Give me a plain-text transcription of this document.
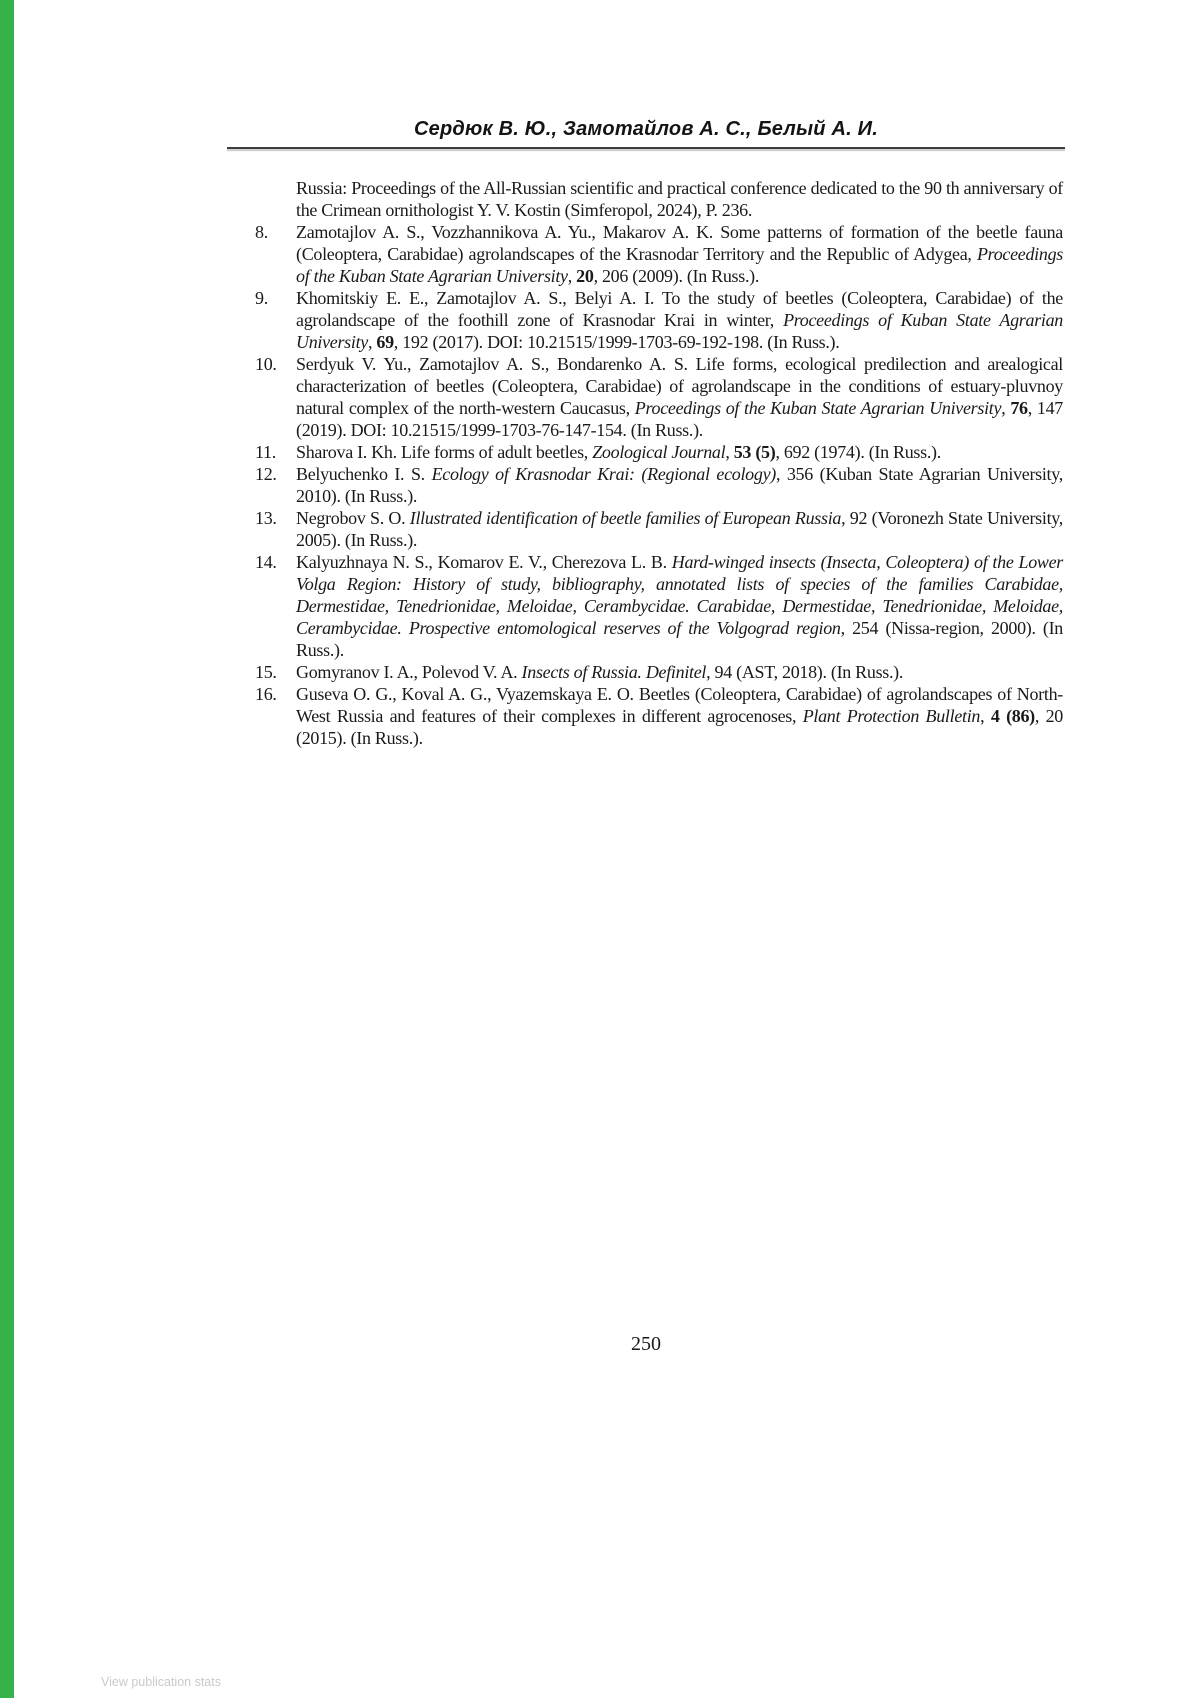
Сердюк В. Ю., Замотайлов А. С., Белый А. И.
Russia: Proceedings of the All-Russian scientific and practical conference dedicated to the 90 th anniversary of the Crimean ornithologist Y. V. Kostin (Simferopol, 2024), P. 236.
8. Zamotajlov A. S., Vozzhannikova A. Yu., Makarov A. K. Some patterns of formation of the beetle fauna (Coleoptera, Carabidae) agrolandscapes of the Krasnodar Territory and the Republic of Adygea, Proceedings of the Kuban State Agrarian University, 20, 206 (2009). (In Russ.).
9. Khomitskiy E. E., Zamotajlov A. S., Belyi A. I. To the study of beetles (Coleoptera, Carabidae) of the agrolandscape of the foothill zone of Krasnodar Krai in winter, Proceedings of Kuban State Agrarian University, 69, 192 (2017). DOI: 10.21515/1999-1703-69-192-198. (In Russ.).
10. Serdyuk V. Yu., Zamotajlov A. S., Bondarenko A. S. Life forms, ecological predilection and arealogical characterization of beetles (Coleoptera, Carabidae) of agrolandscape in the conditions of estuary-pluvnoy natural complex of the north-western Caucasus, Proceedings of the Kuban State Agrarian University, 76, 147 (2019). DOI: 10.21515/1999-1703-76-147-154. (In Russ.).
11. Sharova I. Kh. Life forms of adult beetles, Zoological Journal, 53 (5), 692 (1974). (In Russ.).
12. Belyuchenko I. S. Ecology of Krasnodar Krai: (Regional ecology), 356 (Kuban State Agrarian University, 2010). (In Russ.).
13. Negrobov S. O. Illustrated identification of beetle families of European Russia, 92 (Voronezh State University, 2005). (In Russ.).
14. Kalyuzhnaya N. S., Komarov E. V., Cherezova L. B. Hard-winged insects (Insecta, Coleoptera) of the Lower Volga Region: History of study, bibliography, annotated lists of species of the families Carabidae, Dermestidae, Tenedrionidae, Meloidae, Cerambycidae. Carabidae, Dermestidae, Tenedrionidae, Meloidae, Cerambycidae. Prospective entomological reserves of the Volgograd region, 254 (Nissa-region, 2000). (In Russ.).
15. Gomyranov I. A., Polevod V. A. Insects of Russia. Definitel, 94 (AST, 2018). (In Russ.).
16. Guseva O. G., Koval A. G., Vyazemskaya E. O. Beetles (Coleoptera, Carabidae) of agrolandscapes of North-West Russia and features of their complexes in different agrocenoses, Plant Protection Bulletin, 4 (86), 20 (2015). (In Russ.).
250
View publication stats
